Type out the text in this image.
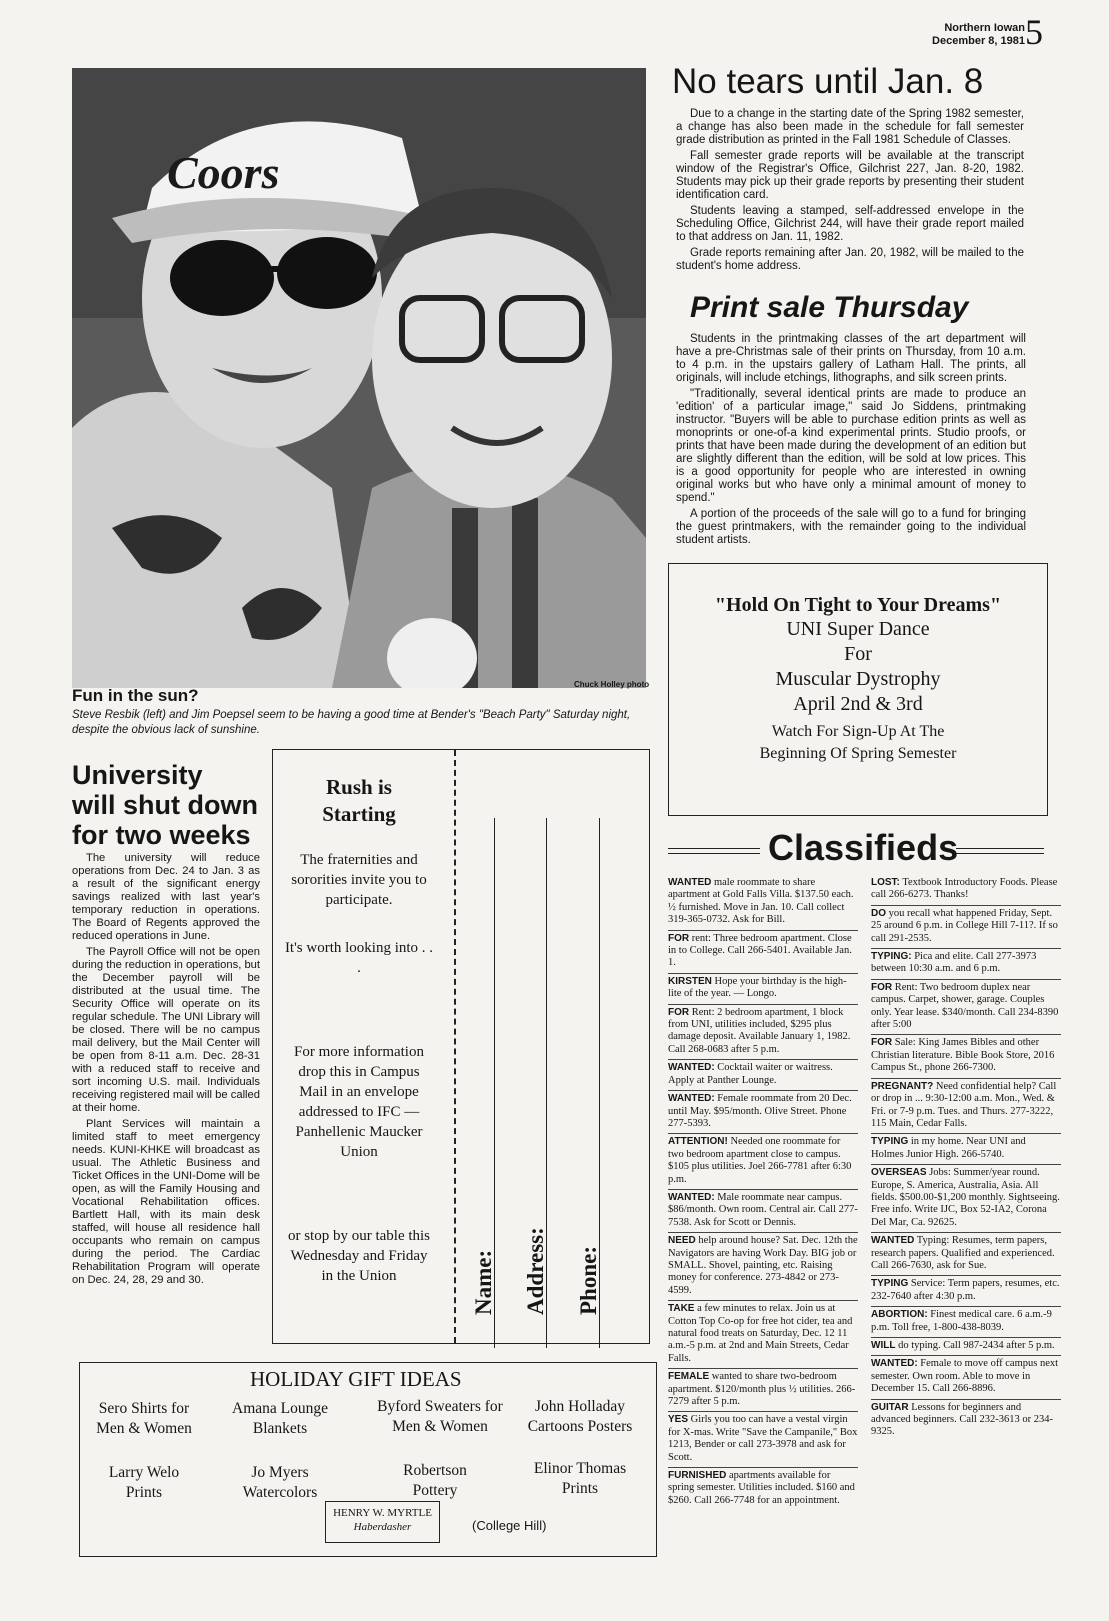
Northern Iowan
December 8, 1981 5
Coors
Chuck Holley photo
Fun in the sun?
Steve Resbik (left) and Jim Poepsel seem to be having a good time at Bender's "Beach Party" Saturday night, despite the obvious lack of sunshine.
No tears until Jan. 8

Due to a change in the starting date of the Spring 1982 semester, a change has also been made in the schedule for fall semester grade distribution as printed in the Fall 1981 Schedule of Classes.

Fall semester grade reports will be available at the transcript window of the Registrar's Office, Gilchrist 227, Jan. 8-20, 1982. Students may pick up their grade reports by presenting their student identification card.

Students leaving a stamped, self-addressed envelope in the Scheduling Office, Gilchrist 244, will have their grade report mailed to that address on Jan. 11, 1982.

Grade reports remaining after Jan. 20, 1982, will be mailed to the student's home address.

Print sale Thursday

Students in the printmaking classes of the art department will have a pre-Christmas sale of their prints on Thursday, from 10 a.m. to 4 p.m. in the upstairs gallery of Latham Hall. The prints, all originals, will include etchings, lithographs, and silk screen prints.

"Traditionally, several identical prints are made to produce an 'edition' of a particular image," said Jo Siddens, printmaking instructor. "Buyers will be able to purchase edition prints as well as monoprints or one-of-a kind experimental prints. Studio proofs, or prints that have been made during the development of an edition but are slightly different than the edition, will be sold at low prices. This is a good opportunity for people who are interested in owning original works but who have only a minimal amount of money to spend."

A portion of the proceeds of the sale will go to a fund for bringing the guest printmakers, with the remainder going to the individual student artists.

"Hold On Tight to Your Dreams"
UNI Super Dance
For
Muscular Dystrophy
April 2nd & 3rd
Watch For Sign-Up At The
Beginning Of Spring Semester
University
will shut down
for two weeks

The university will reduce operations from Dec. 24 to Jan. 3 as a result of the significant energy savings realized with last year's temporary reduction in operations. The Board of Regents approved the reduced operations in June.

The Payroll Office will not be open during the reduction in operations, but the December payroll will be distributed at the usual time. The Security Office will operate on its regular schedule. The UNI Library will be closed. There will be no campus mail delivery, but the Mail Center will be open from 8-11 a.m. Dec. 28-31 with a reduced staff to receive and sort incoming U.S. mail. Individuals receiving registered mail will be called at their home.

Plant Services will maintain a limited staff to meet emergency needs. KUNI-KHKE will broadcast as usual. The Athletic Business and Ticket Offices in the UNI-Dome will be open, as will the Family Housing and Vocational Rehabilitation offices. Bartlett Hall, with its main desk staffed, will house all residence hall occupants who remain on campus during the period. The Cardiac Rehabilitation Program will operate on Dec. 24, 28, 29 and 30.

Rush is
Starting
The fraternities and sororities invite you to participate.
It's worth looking into . . .
For more information drop this in Campus Mail in an envelope addressed to IFC — Panhellenic Maucker Union
or stop by our table this Wednesday and Friday in the Union	Name: Address: Phone:
HOLIDAY GIFT IDEAS
Sero Shirts for Men & Women
Amana Lounge Blankets
Byford Sweaters for Men & Women
John Holladay Cartoons Posters
Larry Welo Prints
Jo Myers Watercolors
Robertson Pottery
Elinor Thomas Prints
HENRY W. MYRTLE
Haberdasher	(College Hill)
Classifieds
WANTED male roommate to share apartment at Gold Falls Villa. $137.50 each. ½ furnished. Move in Jan. 10. Call collect 319-365-0732. Ask for Bill.
FOR rent: Three bedroom apartment. Close in to College. Call 266-5401. Available Jan. 1.
KIRSTEN Hope your birthday is the high-lite of the year. — Longo.
FOR Rent: 2 bedroom apartment, 1 block from UNI, utilities included, $295 plus damage deposit. Available January 1, 1982. Call 268-0683 after 5 p.m.
WANTED: Cocktail waiter or waitress. Apply at Panther Lounge.
WANTED: Female roommate from 20 Dec. until May. $95/month. Olive Street. Phone 277-5393.
ATTENTION! Needed one roommate for two bedroom apartment close to campus. $105 plus utilities. Joel 266-7781 after 6:30 p.m.
WANTED: Male roommate near campus. $86/month. Own room. Central air. Call 277-7538. Ask for Scott or Dennis.
NEED help around house? Sat. Dec. 12th the Navigators are having Work Day. BIG job or SMALL. Shovel, painting, etc. Raising money for conference. 273-4842 or 273-4599.
TAKE a few minutes to relax. Join us at Cotton Top Co-op for free hot cider, tea and natural food treats on Saturday, Dec. 12 11 a.m.-5 p.m. at 2nd and Main Streets, Cedar Falls.
FEMALE wanted to share two-bedroom apartment. $120/month plus ½ utilities. 266-7279 after 5 p.m.
YES Girls you too can have a vestal virgin for X-mas. Write "Save the Campanile," Box 1213, Bender or call 273-3978 and ask for Scott.
FURNISHED apartments available for spring semester. Utilities included. $160 and $260. Call 266-7748 for an appointment.
LOST: Textbook Introductory Foods. Please call 266-6273. Thanks!
DO you recall what happened Friday, Sept. 25 around 6 p.m. in College Hill 7-11?. If so call 291-2535.
TYPING: Pica and elite. Call 277-3973 between 10:30 a.m. and 6 p.m.
FOR Rent: Two bedroom duplex near campus. Carpet, shower, garage. Couples only. Year lease. $340/month. Call 234-8390 after 5:00
FOR Sale: King James Bibles and other Christian literature. Bible Book Store, 2016 Campus St., phone 266-7300.
PREGNANT? Need confidential help? Call or drop in ... 9:30-12:00 a.m. Mon., Wed. & Fri. or 7-9 p.m. Tues. and Thurs. 277-3222, 115 Main, Cedar Falls.
TYPING in my home. Near UNI and Holmes Junior High. 266-5740.
OVERSEAS Jobs: Summer/year round. Europe, S. America, Australia, Asia. All fields. $500.00-$1,200 monthly. Sightseeing. Free info. Write IJC, Box 52-IA2, Corona Del Mar, Ca. 92625.
WANTED Typing: Resumes, term papers, research papers. Qualified and experienced. Call 266-7630, ask for Sue.
TYPING Service: Term papers, resumes, etc. 232-7640 after 4:30 p.m.
ABORTION: Finest medical care. 6 a.m.-9 p.m. Toll free, 1-800-438-8039.
WILL do typing. Call 987-2434 after 5 p.m.
WANTED: Female to move off campus next semester. Own room. Able to move in December 15. Call 266-8896.
GUITAR Lessons for beginners and advanced beginners. Call 232-3613 or 234-9325.
